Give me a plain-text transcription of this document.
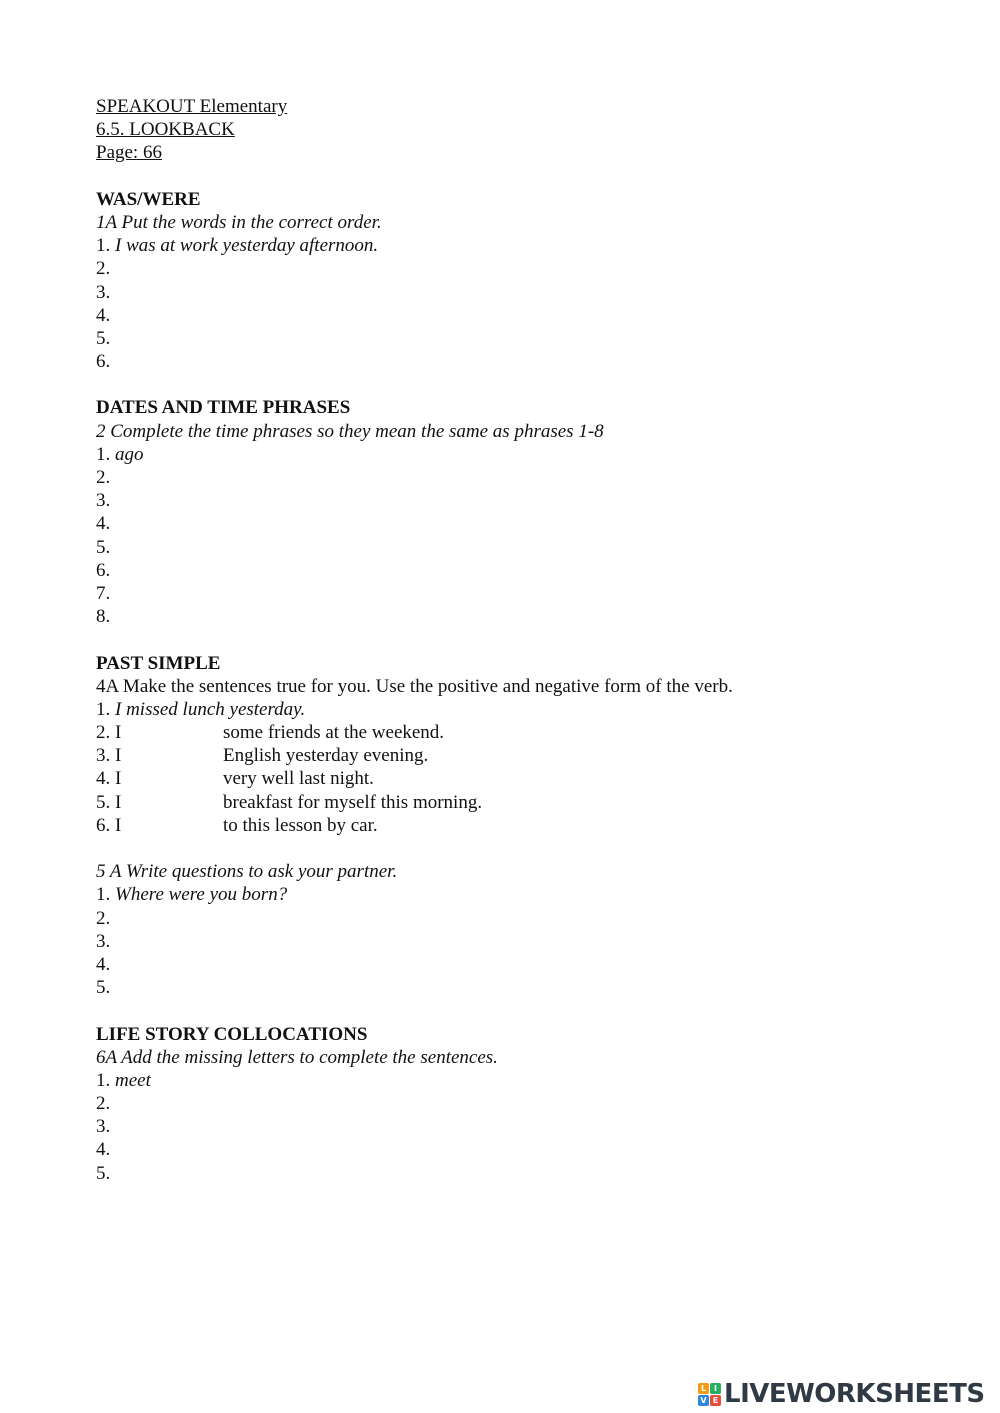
SPEAKOUT Elementary
6.5. LOOKBACK
Page: 66
WAS/WERE
1A Put the words in the correct order.
1. I was at work yesterday afternoon.
2.
3.
4.
5.
6.
DATES AND TIME PHRASES
2 Complete the time phrases so they mean the same as phrases 1-8
1. ago
2.
3.
4.
5.
6.
7.
8.
PAST SIMPLE
4A Make the sentences true for you. Use the positive and negative form of the verb.
1. I missed lunch yesterday.
2. I	some friends at the weekend.
3. I	English yesterday evening.
4. I	very well last night.
5. I	breakfast for myself this morning.
6. I	to this lesson by car.
5 A Write questions to ask your partner.
1. Where were you born?
2.
3.
4.
5.
LIFE STORY COLLOCATIONS
6A Add the missing letters to complete the sentences.
1. meet
2.
3.
4.
5.
L I
V E LIVEWORKSHEETS
